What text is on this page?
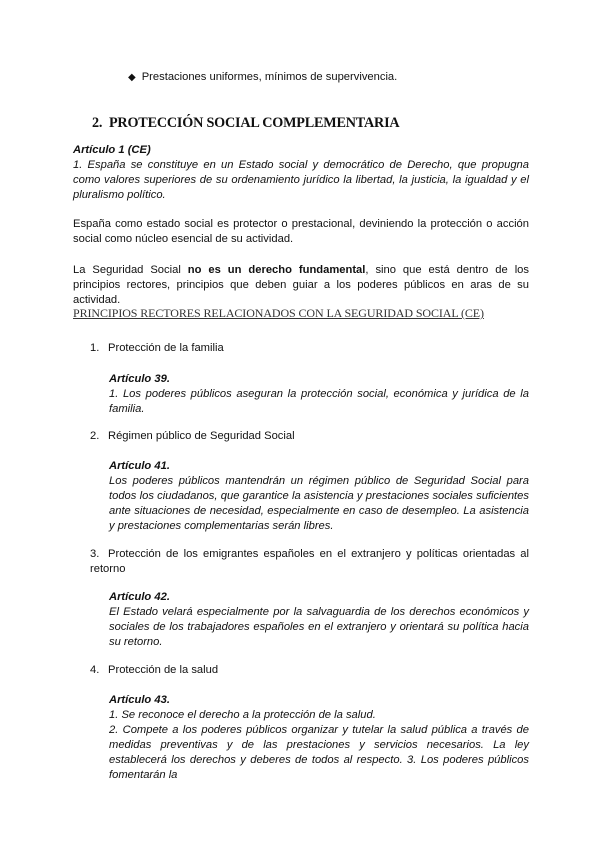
◆ Prestaciones uniformes, mínimos de supervivencia.
2. PROTECCIÓN SOCIAL COMPLEMENTARIA
Artículo 1 (CE)
1. España se constituye en un Estado social y democrático de Derecho, que propugna como valores superiores de su ordenamiento jurídico la libertad, la justicia, la igualdad y el pluralismo político.
España como estado social es protector o prestacional, deviniendo la protección o acción social como núcleo esencial de su actividad.
La Seguridad Social no es un derecho fundamental, sino que está dentro de los principios rectores, principios que deben guiar a los poderes públicos en aras de su actividad.
PRINCIPIOS RECTORES RELACIONADOS CON LA SEGURIDAD SOCIAL (CE)
1. Protección de la familia
Artículo 39.
1. Los poderes públicos aseguran la protección social, económica y jurídica de la familia.
2. Régimen público de Seguridad Social
Artículo 41.
Los poderes públicos mantendrán un régimen público de Seguridad Social para todos los ciudadanos, que garantice la asistencia y prestaciones sociales suficientes ante situaciones de necesidad, especialmente en caso de desempleo. La asistencia y prestaciones complementarias serán libres.
3. Protección de los emigrantes españoles en el extranjero y políticas orientadas al retorno
Artículo 42.
El Estado velará especialmente por la salvaguardia de los derechos económicos y sociales de los trabajadores españoles en el extranjero y orientará su política hacia su retorno.
4. Protección de la salud
Artículo 43.
1. Se reconoce el derecho a la protección de la salud.
2. Compete a los poderes públicos organizar y tutelar la salud pública a través de medidas preventivas y de las prestaciones y servicios necesarios. La ley establecerá los derechos y deberes de todos al respecto. 3. Los poderes públicos fomentarán la
